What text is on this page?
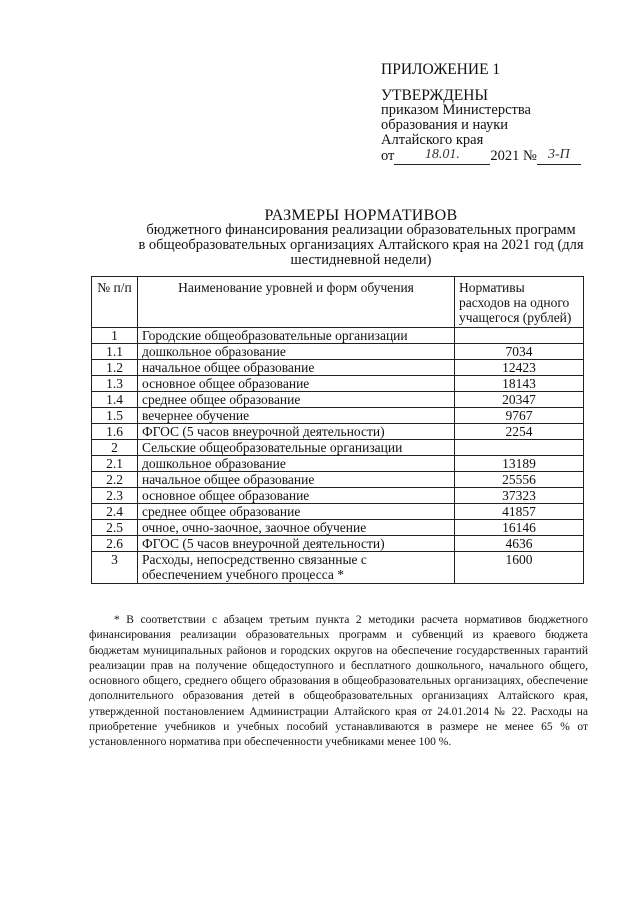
ПРИЛОЖЕНИЕ 1
УТВЕРЖДЕНЫ
приказом Министерства
образования и науки
Алтайского края
от	18.01.	2021 № 3-П
РАЗМЕРЫ НОРМАТИВОВ
бюджетного финансирования реализации образовательных программ
в общеобразовательных организациях Алтайского края на 2021 год (для
шестидневной недели)
№ п/п	Наименование уровней и форм обучения	Нормативы расходов на одного учащегося (рублей)
1	Городские общеобразовательные организации	
1.1	дошкольное образование	7034
1.2	начальное общее образование	12423
1.3	основное общее образование	18143
1.4	среднее общее образование	20347
1.5	вечернее обучение	9767
1.6	ФГОС (5 часов внеурочной деятельности)	2254
2	Сельские общеобразовательные организации	
2.1	дошкольное образование	13189
2.2	начальное общее образование	25556
2.3	основное общее образование	37323
2.4	среднее общее образование	41857
2.5	очное, очно-заочное, заочное обучение	16146
2.6	ФГОС (5 часов внеурочной деятельности)	4636
3	Расходы, непосредственно связанные с обеспечением учебного процесса *	1600

* В соответствии с абзацем третьим пункта 2 методики расчета нормативов бюджетного финансирования реализации образовательных программ и субвенций из краевого бюджета бюджетам муниципальных районов и городских округов на обеспечение государственных гарантий реализации прав на получение общедоступного и бесплатного дошкольного, начального общего, основного общего, среднего общего образования в общеобразовательных организациях, обеспечение дополнительного образования детей в общеобразовательных организациях Алтайского края, утвержденной постановлением Администрации Алтайского края от 24.01.2014 № 22. Расходы на приобретение учебников и учебных пособий устанавливаются в размере не менее 65 % от установленного норматива при обеспеченности учебниками менее 100 %.
